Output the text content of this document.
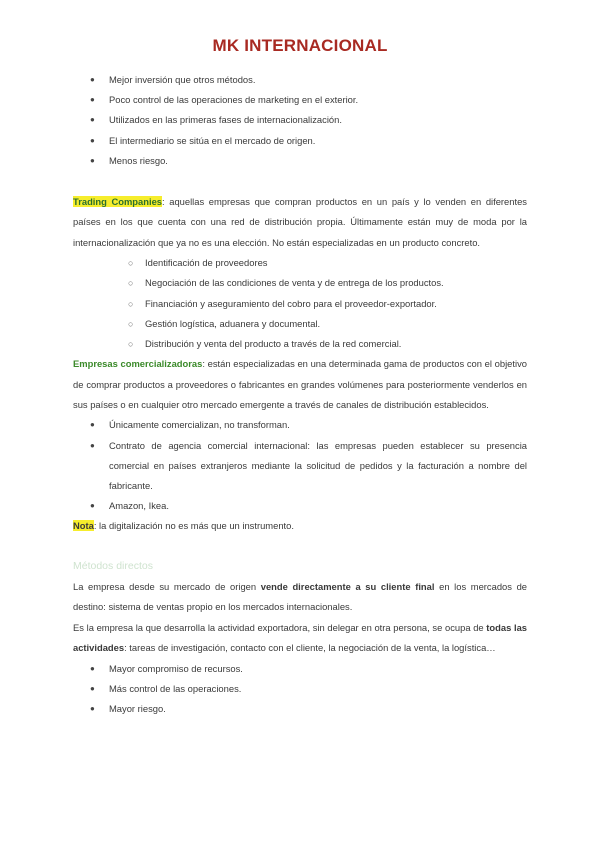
MK INTERNACIONAL
● Mejor inversión que otros métodos.
● Poco control de las operaciones de marketing en el exterior.
● Utilizados en las primeras fases de internacionalización.
● El intermediario se sitúa en el mercado de origen.
● Menos riesgo.

Trading Companies: aquellas empresas que compran productos en un país y lo venden en diferentes países en los que cuenta con una red de distribución propia. Últimamente están muy de moda por la internacionalización que ya no es una elección. No están especializadas en un producto concreto.

○ Identificación de proveedores
○ Negociación de las condiciones de venta y de entrega de los productos.
○ Financiación y aseguramiento del cobro para el proveedor-exportador.
○ Gestión logística, aduanera y documental.
○ Distribución y venta del producto a través de la red comercial.

Empresas comercializadoras: están especializadas en una determinada gama de productos con el objetivo de comprar productos a proveedores o fabricantes en grandes volúmenes para posteriormente venderlos en sus países o en cualquier otro mercado emergente a través de canales de distribución establecidos.

● Únicamente comercializan, no transforman.
● Contrato de agencia comercial internacional: las empresas pueden establecer su presencia comercial en países extranjeros mediante la solicitud de pedidos y la facturación a nombre del fabricante.
● Amazon, Ikea.

Nota: la digitalización no es más que un instrumento.

Métodos directos

La empresa desde su mercado de origen vende directamente a su cliente final en los mercados de destino: sistema de ventas propio en los mercados internacionales.

Es la empresa la que desarrolla la actividad exportadora, sin delegar en otra persona, se ocupa de todas las actividades: tareas de investigación, contacto con el cliente, la negociación de la venta, la logística…

● Mayor compromiso de recursos.
● Más control de las operaciones.
● Mayor riesgo.
